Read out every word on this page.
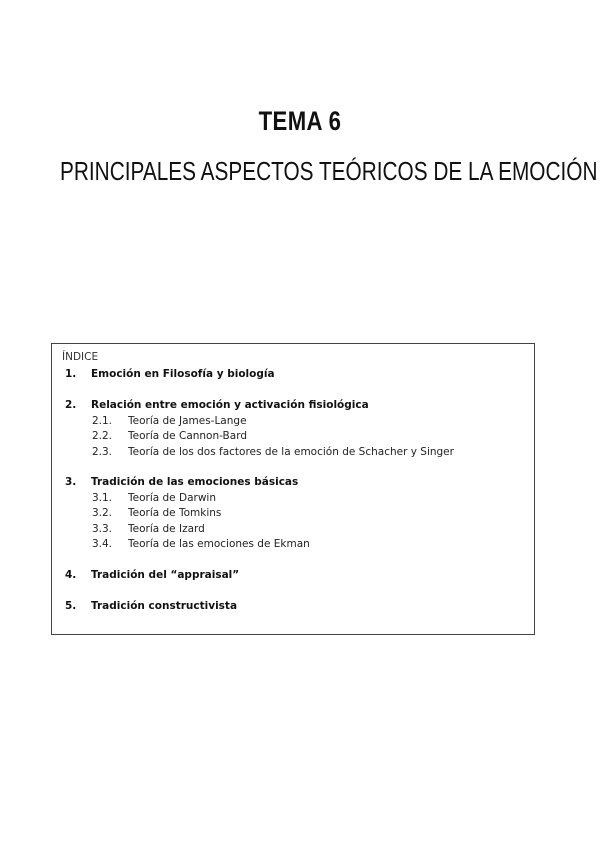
TEMA 6
PRINCIPALES ASPECTOS TEÓRICOS DE LA EMOCIÓN
ÍNDICE
1. Emoción en Filosofía y biología
2. Relación entre emoción y activación fisiológica
2.1. Teoría de James-Lange
2.2. Teoría de Cannon-Bard
2.3. Teoría de los dos factores de la emoción de Schacher y Singer
3. Tradición de las emociones básicas
3.1. Teoría de Darwin
3.2. Teoría de Tomkins
3.3. Teoría de Izard
3.4. Teoría de las emociones de Ekman
4. Tradición del “appraisal”
5. Tradición constructivista
